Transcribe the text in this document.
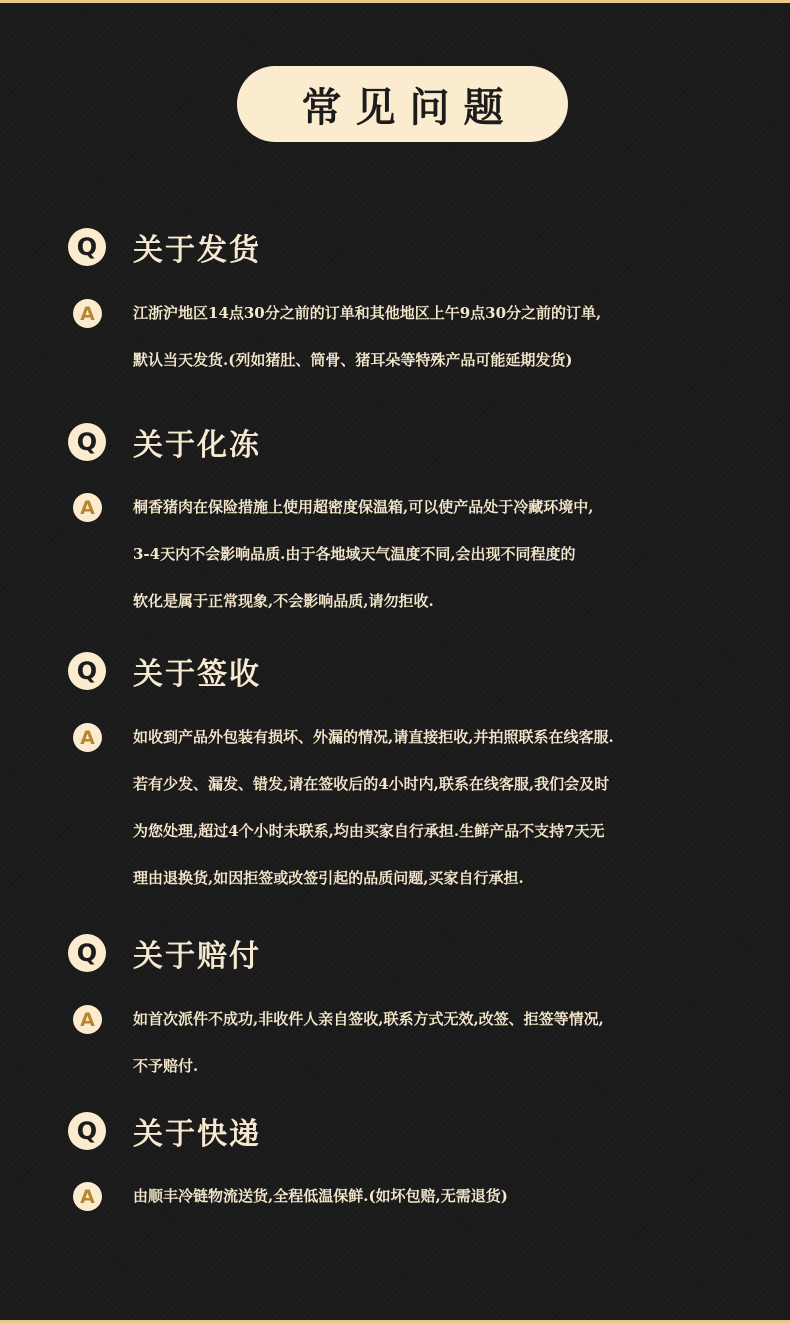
常见问题
Q 关于发货
A	江浙沪地区14点30分之前的订单和其他地区上午9点30分之前的订单,
默认当天发货.(列如猪肚、筒骨、猪耳朵等特殊产品可能延期发货)
Q 关于化冻
A	桐香猪肉在保险措施上使用超密度保温箱,可以使产品处于冷藏环境中,
3-4天内不会影响品质.由于各地域天气温度不同,会出现不同程度的
软化是属于正常现象,不会影响品质,请勿拒收.
Q 关于签收
A	如收到产品外包装有损坏、外漏的情况,请直接拒收,并拍照联系在线客服.
若有少发、漏发、错发,请在签收后的4小时内,联系在线客服,我们会及时
为您处理,超过4个小时未联系,均由买家自行承担.生鲜产品不支持7天无
理由退换货,如因拒签或改签引起的品质问题,买家自行承担.
Q 关于赔付
A	如首次派件不成功,非收件人亲自签收,联系方式无效,改签、拒签等情况,
不予赔付.
Q 关于快递
A	由顺丰冷链物流送货,全程低温保鲜.(如坏包赔,无需退货)
